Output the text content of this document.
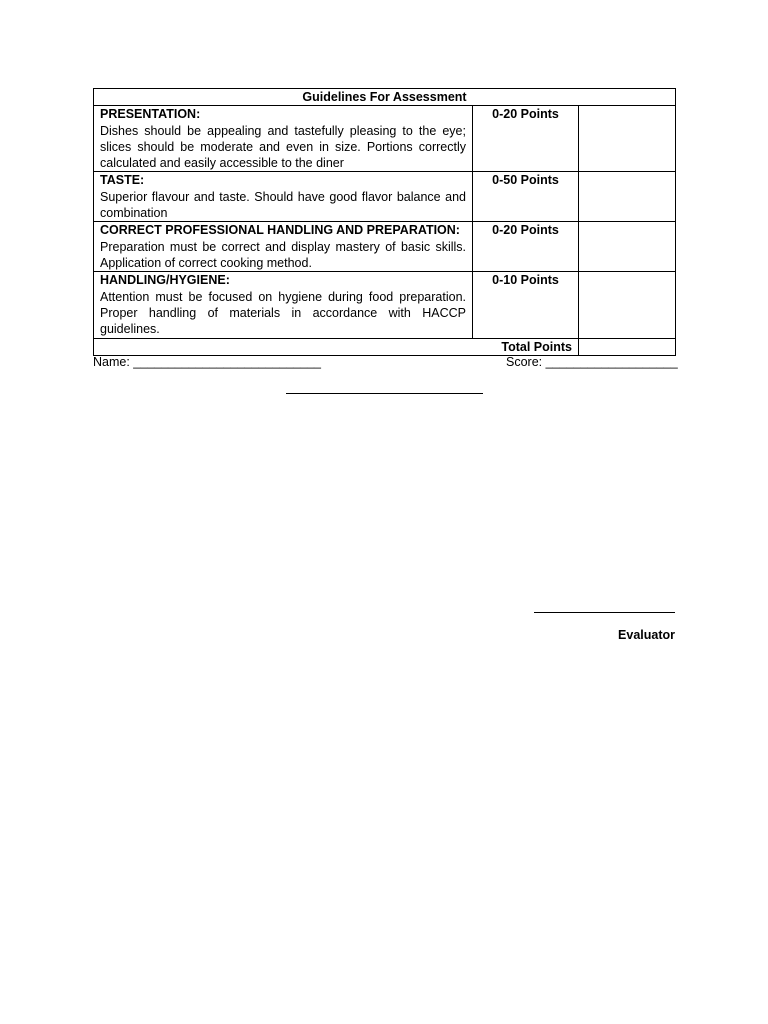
Guidelines For Assessment		

PRESENTATION:
Dishes should be appealing and tastefully pleasing to the eye; slices should be moderate and even in size. Portions correctly calculated and easily accessible to the diner	0-20 Points	

TASTE:
Superior flavour and taste. Should have good flavor balance and combination	0-50 Points	

CORRECT PROFESSIONAL HANDLING AND PREPARATION:
Preparation must be correct and display mastery of basic skills. Application of correct cooking method.	0-20 Points	

HANDLING/HYGIENE:
Attention must be focused on hygiene during food preparation. Proper handling of materials in accordance with HACCP guidelines.	0-10 Points	
Total Points		
Name: ___________________________	Score: ___________________
Evaluator
